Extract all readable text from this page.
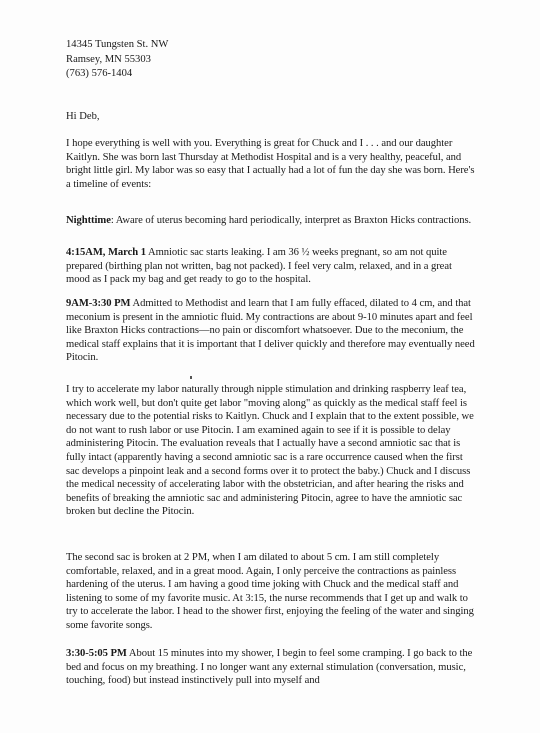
14345 Tungsten St. NW
Ramsey, MN 55303
(763) 576-1404
Hi Deb,
I hope everything is well with you. Everything is great for Chuck and I . . . and our daughter Kaitlyn. She was born last Thursday at Methodist Hospital and is a very healthy, peaceful, and bright little girl. My labor was so easy that I actually had a lot of fun the day she was born. Here's a timeline of events:
Nighttime: Aware of uterus becoming hard periodically, interpret as Braxton Hicks contractions.
4:15AM, March 1 Amniotic sac starts leaking. I am 36 ½ weeks pregnant, so am not quite prepared (birthing plan not written, bag not packed). I feel very calm, relaxed, and in a great mood as I pack my bag and get ready to go to the hospital.
9AM-3:30 PM Admitted to Methodist and learn that I am fully effaced, dilated to 4 cm, and that meconium is present in the amniotic fluid. My contractions are about 9-10 minutes apart and feel like Braxton Hicks contractions—no pain or discomfort whatsoever. Due to the meconium, the medical staff explains that it is important that I deliver quickly and therefore may eventually need Pitocin.
I try to accelerate my labor naturally through nipple stimulation and drinking raspberry leaf tea, which work well, but don't quite get labor "moving along" as quickly as the medical staff feel is necessary due to the potential risks to Kaitlyn. Chuck and I explain that to the extent possible, we do not want to rush labor or use Pitocin. I am examined again to see if it is possible to delay administering Pitocin. The evaluation reveals that I actually have a second amniotic sac that is fully intact (apparently having a second amniotic sac is a rare occurrence caused when the first sac develops a pinpoint leak and a second forms over it to protect the baby.) Chuck and I discuss the medical necessity of accelerating labor with the obstetrician, and after hearing the risks and benefits of breaking the amniotic sac and administering Pitocin, agree to have the amniotic sac broken but decline the Pitocin.
The second sac is broken at 2 PM, when I am dilated to about 5 cm. I am still completely comfortable, relaxed, and in a great mood. Again, I only perceive the contractions as painless hardening of the uterus. I am having a good time joking with Chuck and the medical staff and listening to some of my favorite music. At 3:15, the nurse recommends that I get up and walk to try to accelerate the labor. I head to the shower first, enjoying the feeling of the water and singing some favorite songs.
3:30-5:05 PM About 15 minutes into my shower, I begin to feel some cramping. I go back to the bed and focus on my breathing. I no longer want any external stimulation (conversation, music, touching, food) but instead instinctively pull into myself and
